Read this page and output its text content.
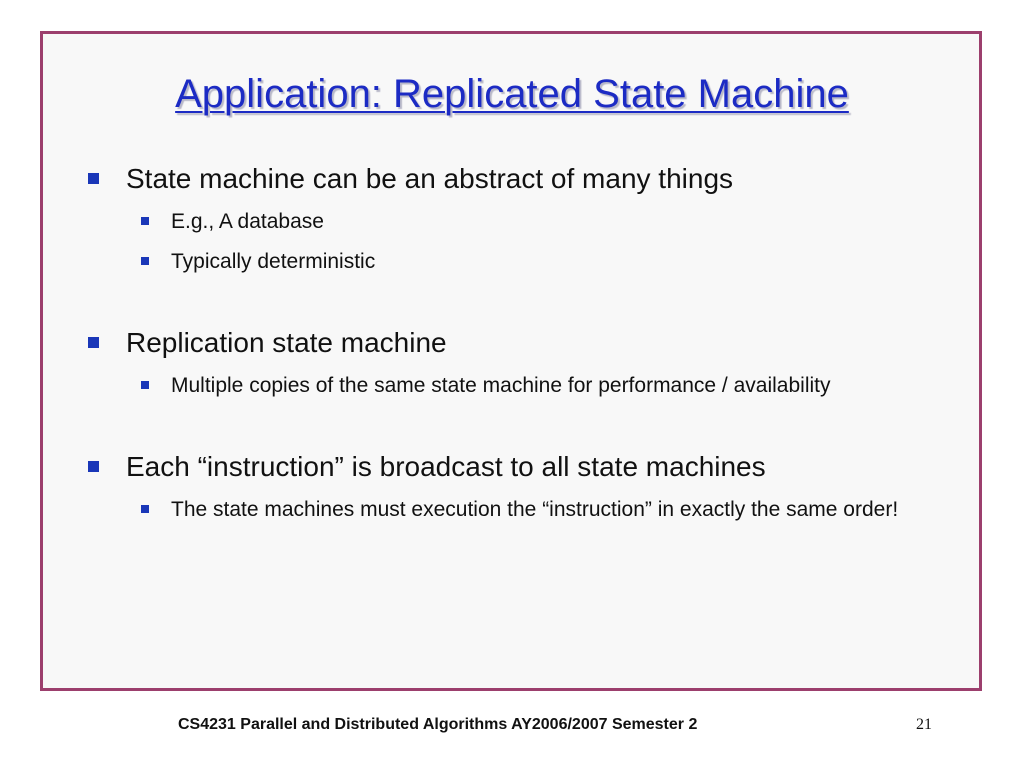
Application: Replicated State Machine
State machine can be an abstract of many things
E.g., A database
Typically deterministic
Replication state machine
Multiple copies of the same state machine for performance / availability
Each “instruction” is broadcast to all state machines
The state machines must execution the “instruction” in exactly the same order!
CS4231 Parallel and Distributed Algorithms AY2006/2007 Semester 2	21
